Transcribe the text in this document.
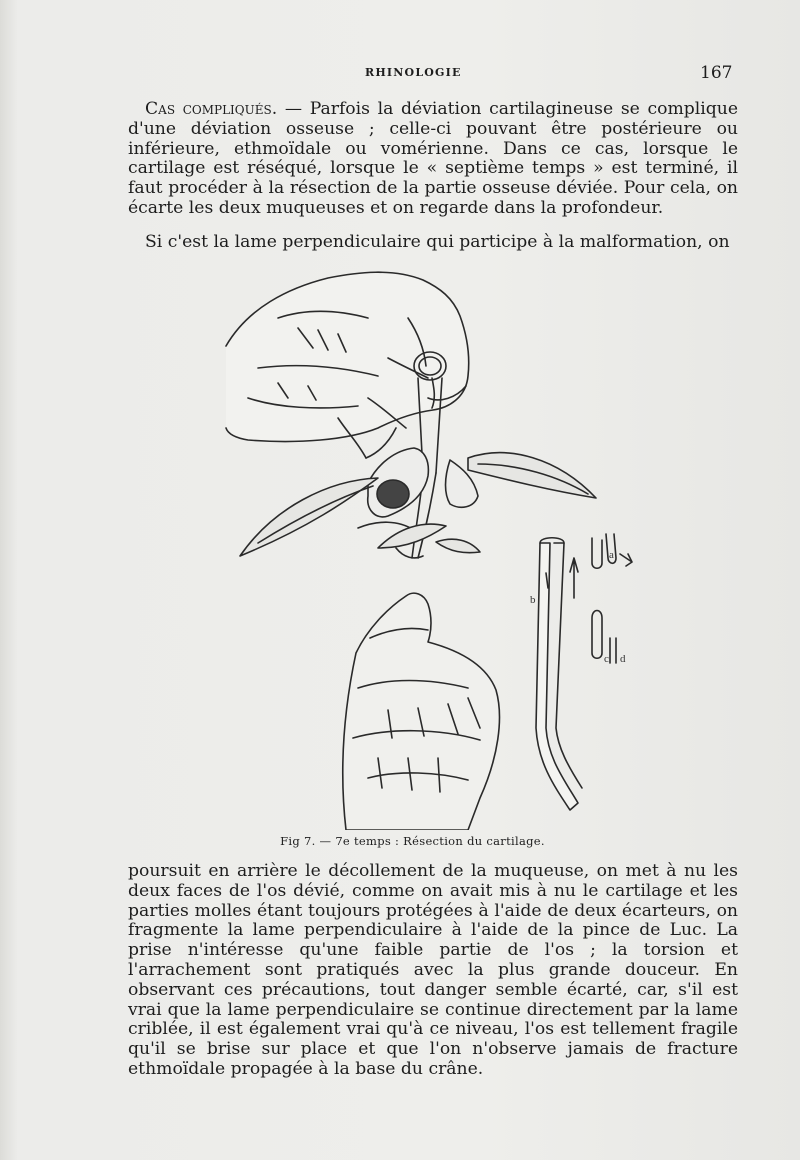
RHINOLOGIE	167

Cas compliqués. — Parfois la déviation cartilagineuse se complique d'une déviation osseuse ; celle-ci pouvant être postérieure ou inférieure, ethmoïdale ou vomérienne. Dans ce cas, lorsque le cartilage est réséqué, lorsque le « septième temps » est terminé, il faut procéder à la résection de la partie osseuse déviée. Pour cela, on écarte les deux muqueuses et on regarde dans la profondeur.

Si c'est la lame perpendiculaire qui participe à la malformation, on

a
b
c d
Fig 7. — 7e temps : Résection du cartilage.

poursuit en arrière le décollement de la muqueuse, on met à nu les deux faces de l'os dévié, comme on avait mis à nu le cartilage et les parties molles étant toujours protégées à l'aide de deux écarteurs, on fragmente la lame perpendiculaire à l'aide de la pince de Luc. La prise n'intéresse qu'une faible partie de l'os ; la torsion et l'arrachement sont pratiqués avec la plus grande douceur. En observant ces précautions, tout danger semble écarté, car, s'il est vrai que la lame perpendiculaire se continue directement par la lame criblée, il est également vrai qu'à ce niveau, l'os est tellement fragile qu'il se brise sur place et que l'on n'observe jamais de fracture ethmoïdale propagée à la base du crâne.
